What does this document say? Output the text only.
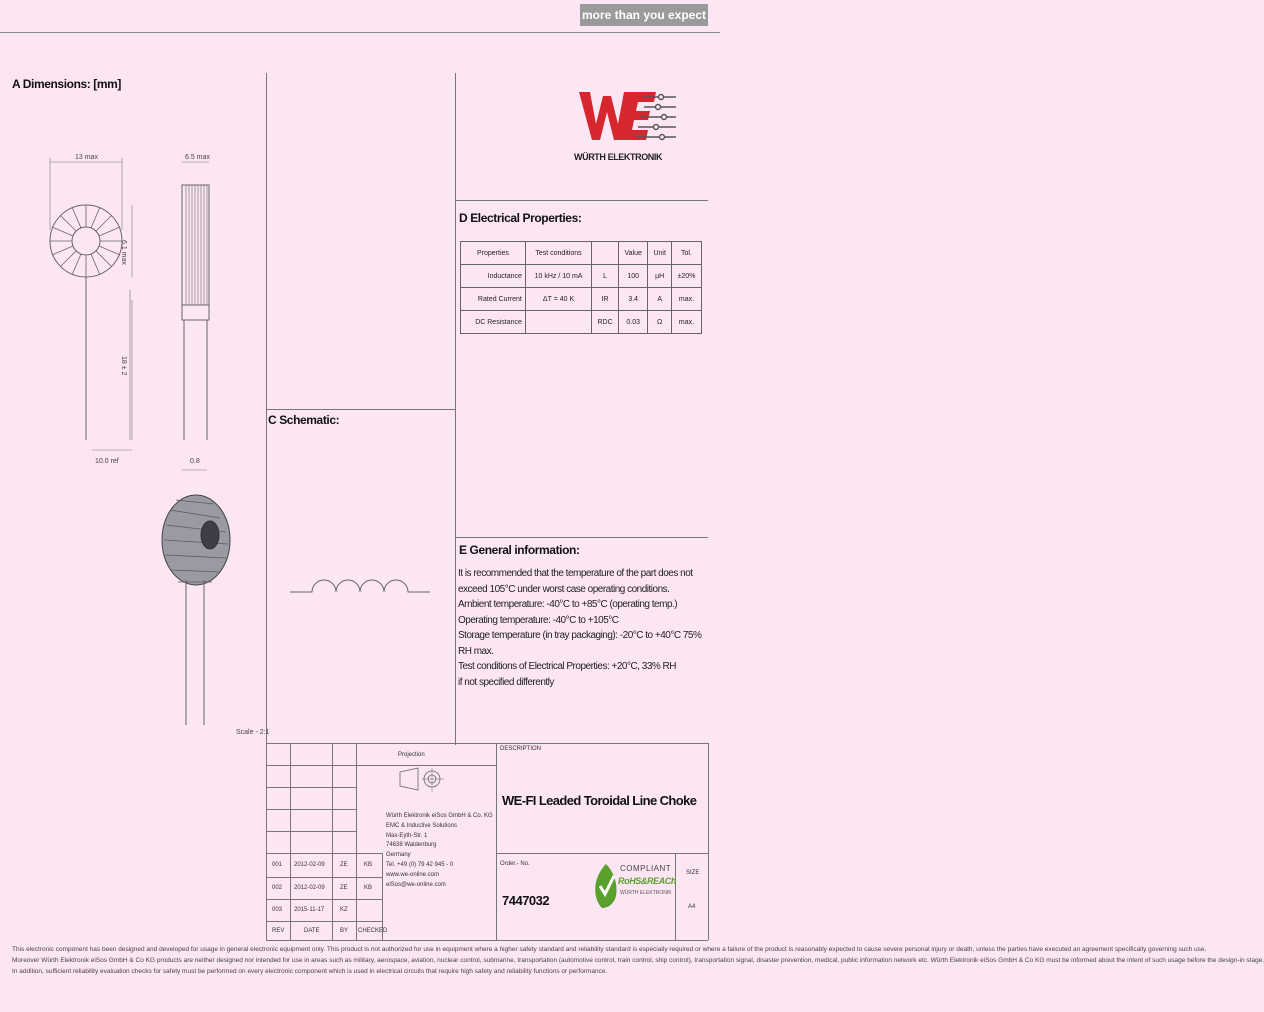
more than you expect
A Dimensions: [mm]
D Electrical Properties:
C Schematic:
E General information:
WÜRTH ELEKTRONIK
13 max	6.5 max
6.1 max
18 ± 2
10.0 ref	0.8
Scale - 2:1
Properties	Test conditions		Value	Unit	Tol.
Inductance	10 kHz / 10 mA	L	100	µH	±20%
Rated Current	ΔT = 40 K	IR	3.4	A	max.
DC Resistance		RDC	0.03	Ω	max.

It is recommended that the temperature of the part does not exceed 105°C under worst case operating conditions.

Ambient temperature: -40°C to +85°C (operating temp.)

Operating temperature: -40°C to +105°C

Storage temperature (in tray packaging): -20°C to +40°C 75% RH max.

Test conditions of Electrical Properties: +20°C, 33% RH

if not specified differently

Projection
Würth Elektronik eiSos GmbH & Co. KG
EMC & Inductive Solutions
Max-Eyth-Str. 1
74638 Waldenburg
Germany
Tel. +49 (0) 79 42 945 - 0
www.we-online.com
eiSos@we-online.com
001 2012-02-09	ZE	KB
002 2012-02-09	ZE	KB
003 2015-11-17	KZ
REV	DATE	BY CHECKED
DESCRIPTION
WE-FI Leaded Toroidal Line Choke
Order.- No.
7447032
SIZE
A4
COMPLIANT
RoHS&REACh
WÜRTH ELEKTRONIK
This electronic component has been designed and developed for usage in general electronic equipment only. This product is not authorized for use in equipment where a higher safety standard and reliability standard is especially required or where a failure of the product is reasonably expected to cause severe personal injury or death, unless the parties have executed an agreement specifically governing such use.
Moreover Würth Elektronik eiSos GmbH & Co KG products are neither designed nor intended for use in areas such as military, aerospace, aviation, nuclear control, submarine, transportation (automotive control, train control, ship control), transportation signal, disaster prevention, medical, public information network etc. Würth Elektronik eiSos GmbH & Co KG must be informed about the intent of such usage before the design-in stage.
In addition, sufficient reliability evaluation checks for safety must be performed on every electronic component which is used in electrical circuits that require high safety and reliability functions or performance.
